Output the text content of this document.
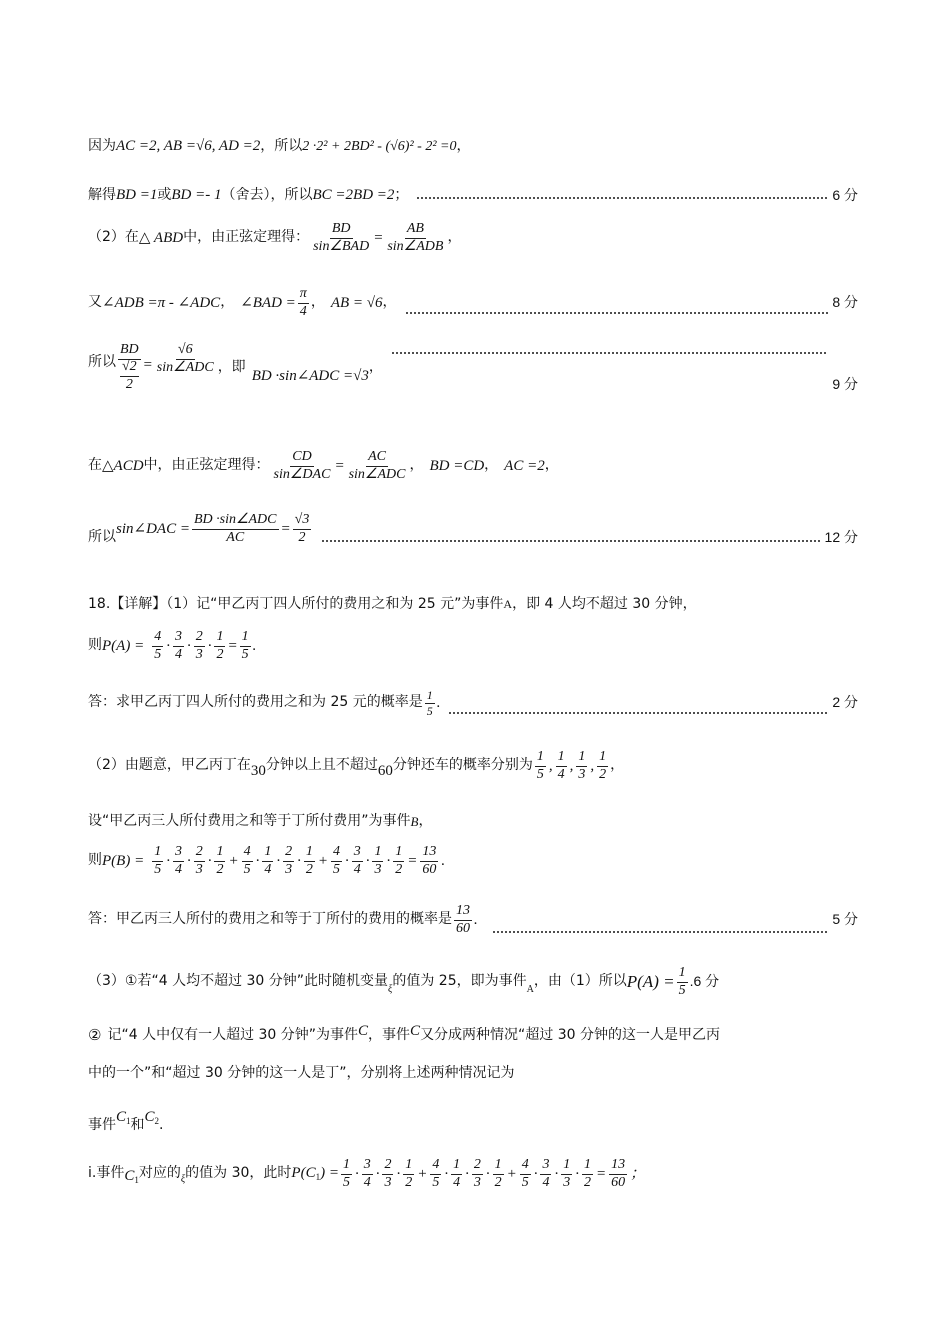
因为 AC =2, AB =√6, AD =2 ，所以 2 ·2² + 2BD² - (√6)² - 2² =0 ，
解得 BD =1 或 BD =- 1 （舍去），所以 BC =2BD =2 ；	6 分
（2）在 △ ABD 中，由正弦定理得： $\frac{BD}{\text{sin∠BAD}} = \frac{AB}{\text{sin∠ADB}}$ ，
又 ∠ADB =π - ∠ADC ， ∠BAD = $\frac{\pi}{4}$ ， AB = √6 ，	8 分
所以
BD
√2
2
= $\frac{√6}{\text{sin∠ADC}}$ ，即
BD ·sin∠ADC =√3
，
9 分
在 △ACD 中，由正弦定理得： $\frac{CD}{\text{sin∠DAC}} = \frac{AC}{\text{sin∠ADC}}$ ， BD =CD ， AC =2 ，
所以
sin∠DAC = $\frac{\text{BD ·sin∠ADC}}{AC} = \frac{√3}{2}$	12 分
18.【详解】（1）记“甲乙丙丁四人所付的费用之和为 25 元”为事件 A ，即 4 人均不超过 30 分钟，
则 $P(A) = \frac{4}{5} \cdot \frac{3}{4} \cdot \frac{2}{3} \cdot \frac{1}{2} = \frac{1}{5}$ .
答：求甲乙丙丁四人所付的费用之和为 25 元的概率是 $\frac{1}{5}$ .	2 分
（2）由题意，甲乙丙丁在 30 分钟以上且不超过 60 分钟还车的概率分别为 $\frac{1}{5}$ , $\frac{1}{4}$ , $\frac{1}{3}$ , $\frac{1}{2}$ ，
设“甲乙丙三人所付费用之和等于丁所付费用”为事件 B ，
则 $P(B) = \frac{1}{5} \cdot \frac{3}{4} \cdot \frac{2}{3} \cdot \frac{1}{2} + \frac{4}{5} \cdot \frac{1}{4} \cdot \frac{2}{3} \cdot \frac{1}{2} + \frac{4}{5} \cdot \frac{3}{4} \cdot \frac{1}{3} \cdot \frac{1}{2} = \frac{13}{60}$ .
答：甲乙丙三人所付的费用之和等于丁所付的费用的概率是 $\frac{13}{60}$ .	5 分
（3）①若“4 人均不超过 30 分钟”此时随机变量 ξ 的值为 25，即为事件 A ，由（1）所以 $P(A) = \frac{1}{5} .6$ 分
② 记“4 人中仅有一人超过 30 分钟”为事件 C ，事件 C 又分成两种情况“超过 30 分钟的这一人是甲乙丙
中的一个”和“超过 30 分钟的这一人是丁”，分别将上述两种情况记为
事件
$C_1$ 和
$C_2$ .
i.事件 $C_1$ 对应的 ξ 的值为 30，此时 $P(C_1) = \frac{1}{5} \cdot \frac{3}{4} \cdot \frac{2}{3} \cdot \frac{1}{2} + \frac{4}{5} \cdot \frac{1}{4} \cdot \frac{2}{3} \cdot \frac{1}{2} + \frac{4}{5} \cdot \frac{3}{4} \cdot \frac{1}{3} \cdot \frac{1}{2} = \frac{13}{60}$ ；
